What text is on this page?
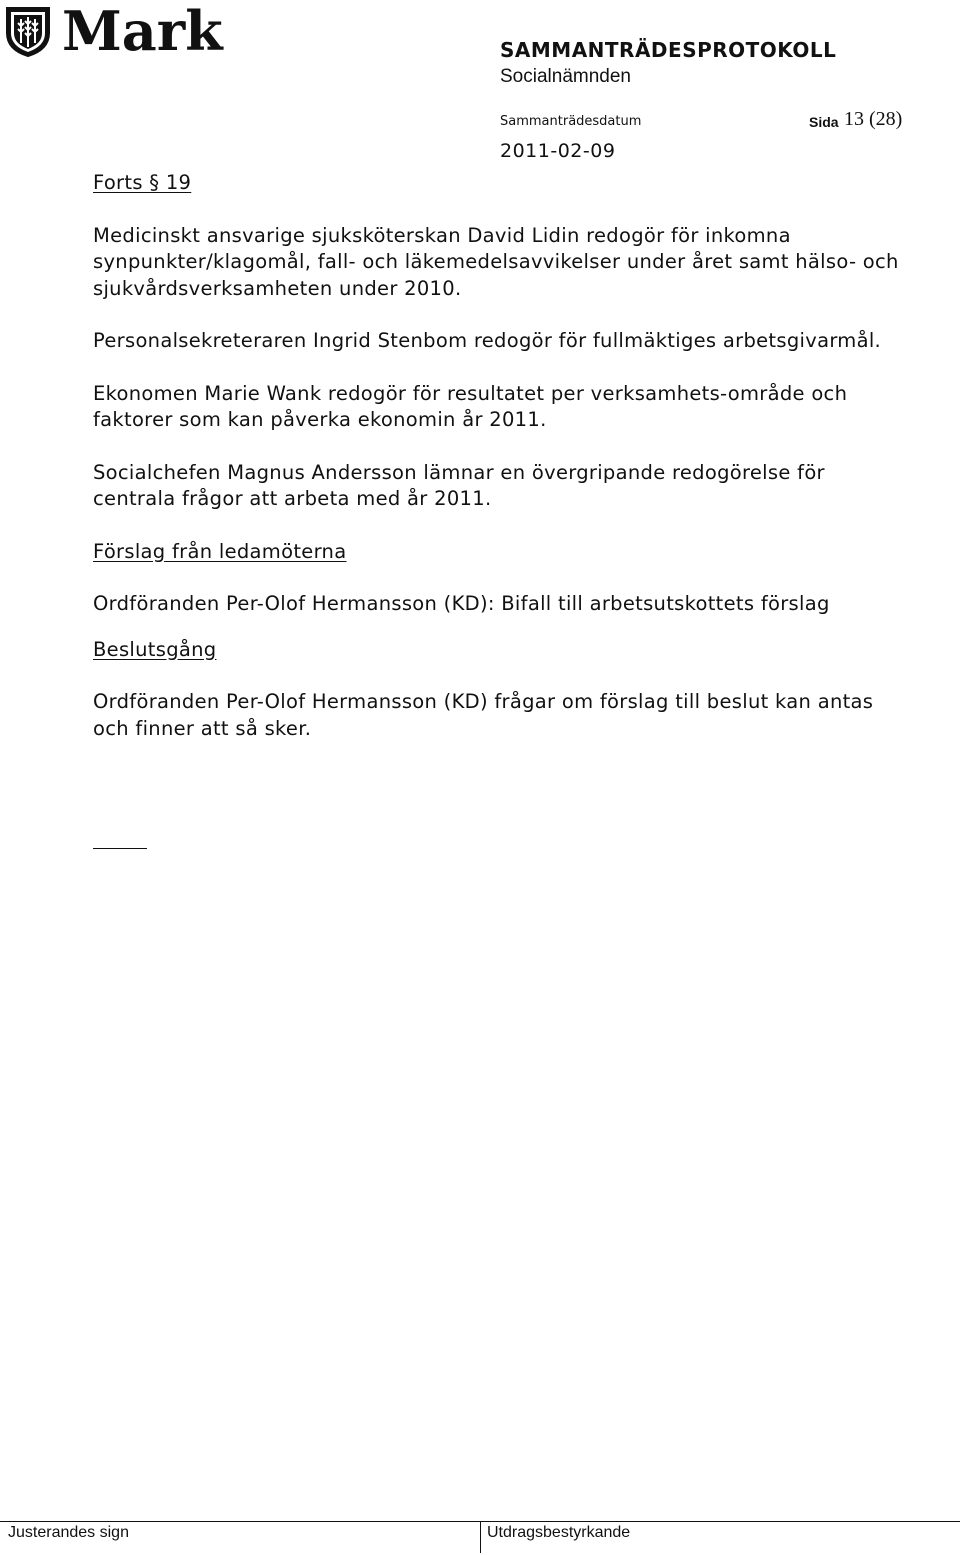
Mark	SAMMANTRÄDESPROTOKOLL
Socialnämnden
Sammanträdesdatum	Sida 13 (28)
2011-02-09

Forts § 19

Medicinskt ansvarige sjuksköterskan David Lidin redogör för inkomna synpunkter/klagomål, fall- och läkemedelsavvikelser under året samt hälso- och sjukvårdsverksamheten under 2010.

Personalsekreteraren Ingrid Stenbom redogör för fullmäktiges arbetsgivarmål.

Ekonomen Marie Wank redogör för resultatet per verksamhets-område och faktorer som kan påverka ekonomin år 2011.

Socialchefen Magnus Andersson lämnar en övergripande redogörelse för centrala frågor att arbeta med år 2011.

Förslag från ledamöterna

Ordföranden Per-Olof Hermansson (KD): Bifall till arbetsutskottets förslag

Beslutsgång

Ordföranden Per-Olof Hermansson (KD) frågar om förslag till beslut kan antas och finner att så sker.

Justerandes sign	Utdragsbestyrkande
